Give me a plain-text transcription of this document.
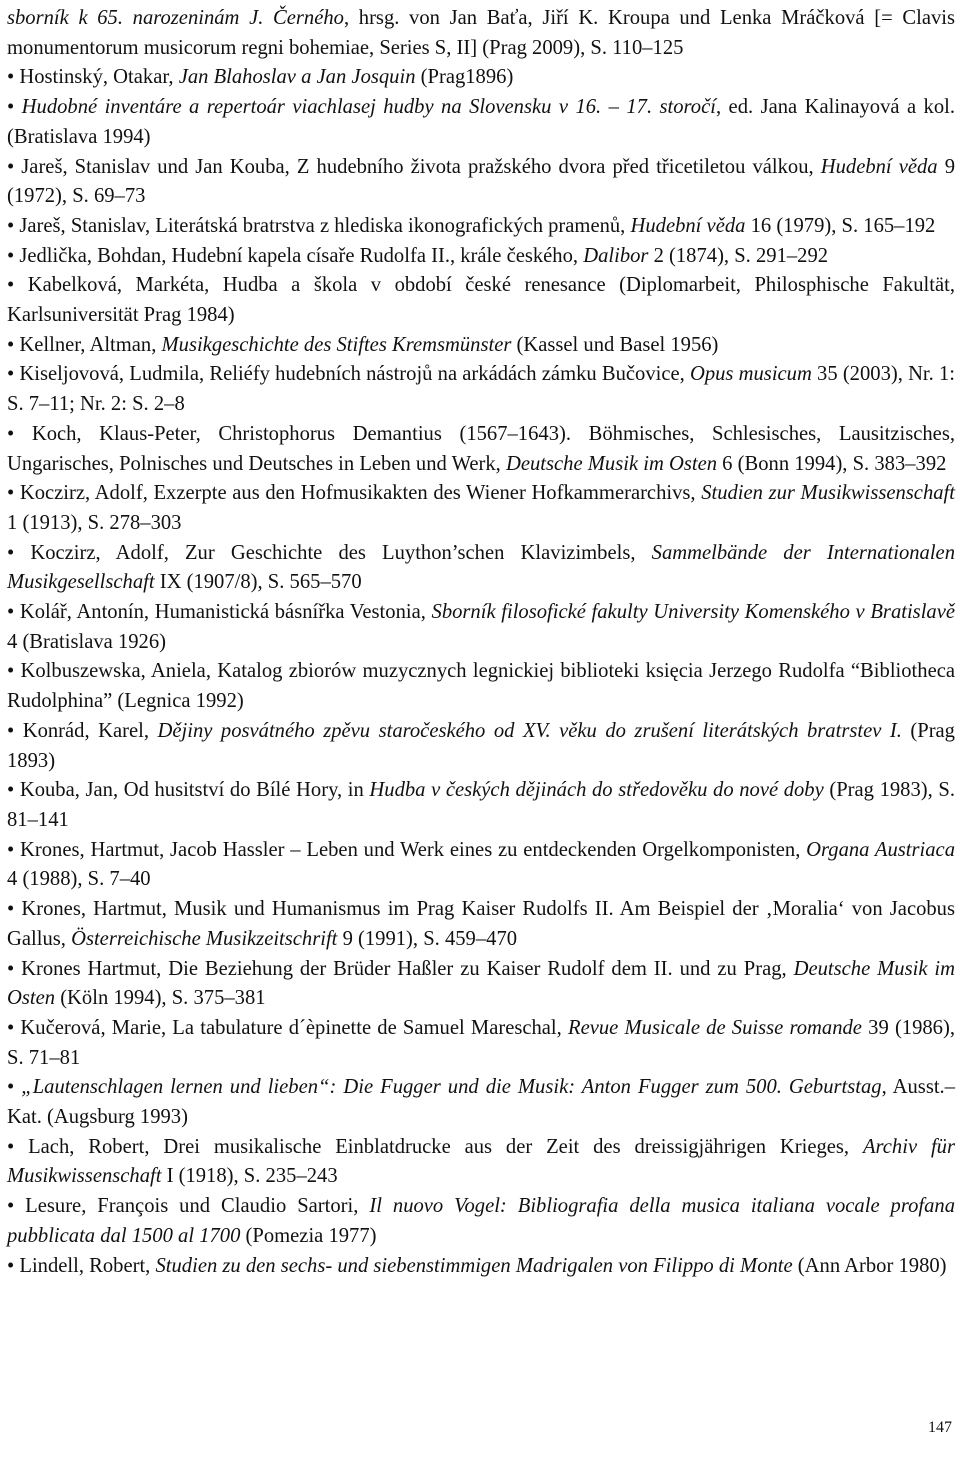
sborník k 65. narozeninám J. Černého, hrsg. von Jan Baťa, Jiří K. Kroupa und Lenka Mráčková [= Clavis monumentorum musicorum regni bohemiae, Series S, II] (Prag 2009), S. 110‒125

• Hostinský, Otakar, Jan Blahoslav a Jan Josquin (Prag1896)

• Hudobné inventáre a repertoár viachlasej hudby na Slovensku v 16. ‒ 17. storočí, ed. Jana Kalinayová a kol. (Bratislava 1994)

• Jareš, Stanislav und Jan Kouba, Z hudebního života pražského dvora před třicetiletou válkou, Hudební věda 9 (1972), S. 69‒73

• Jareš, Stanislav, Literátská bratrstva z hlediska ikonografických pramenů, Hudební věda 16 (1979), S. 165‒192

• Jedlička, Bohdan, Hudební kapela císaře Rudolfa II., krále českého, Dalibor 2 (1874), S. 291‒292

• Kabelková, Markéta, Hudba a škola v období české renesance (Diplomarbeit, Philosphische Fakultät, Karlsuniversität Prag 1984)

• Kellner, Altman, Musikgeschichte des Stiftes Kremsmünster (Kassel und Basel 1956)

• Kiseljovová, Ludmila, Reliéfy hudebních nástrojů na arkádách zámku Bučovice, Opus musicum 35 (2003), Nr. 1: S. 7‒11; Nr. 2: S. 2‒8

• Koch, Klaus-Peter, Christophorus Demantius (1567‒1643). Böhmisches, Schlesisches, Lausitzisches, Ungarisches, Polnisches und Deutsches in Leben und Werk, Deutsche Musik im Osten 6 (Bonn 1994), S. 383‒392

• Koczirz, Adolf, Exzerpte aus den Hofmusikakten des Wiener Hofkammerarchivs, Studien zur Musikwissenschaft 1 (1913), S. 278‒303

• Koczirz, Adolf, Zur Geschichte des Luython’schen Klavizimbels, Sammelbände der Internationalen Musikgesellschaft IX (1907/8), S. 565‒570

• Kolář, Antonín, Humanistická básnířka Vestonia, Sborník filosofické fakulty University Komenského v Bratislavě 4 (Bratislava 1926)

• Kolbuszewska, Aniela, Katalog zbiorów muzycznych legnickiej biblioteki księcia Jerzego Rudolfa “Bibliotheca Rudolphina” (Legnica 1992)

• Konrád, Karel, Dějiny posvátného zpěvu staročeského od XV. věku do zrušení literátských bratrstev I. (Prag 1893)

• Kouba, Jan, Od husitství do Bílé Hory, in Hudba v českých dějinách do středověku do nové doby (Prag 1983), S. 81‒141

• Krones, Hartmut, Jacob Hassler ‒ Leben und Werk eines zu entdeckenden Orgelkomponisten, Organa Austriaca 4 (1988), S. 7‒40

• Krones, Hartmut, Musik und Humanismus im Prag Kaiser Rudolfs II. Am Beispiel der ‚Moralia‘ von Jacobus Gallus, Österreichische Musikzeitschrift 9 (1991), S. 459‒470

• Krones Hartmut, Die Beziehung der Brüder Haßler zu Kaiser Rudolf dem II. und zu Prag, Deutsche Musik im Osten (Köln 1994), S. 375‒381

• Kučerová, Marie, La tabulature d´èpinette de Samuel Mareschal, Revue Musicale de Suisse romande 39 (1986), S. 71‒81

• „Lautenschlagen lernen und lieben“: Die Fugger und die Musik: Anton Fugger zum 500. Geburtstag, Ausst.‒Kat. (Augsburg 1993)

• Lach, Robert, Drei musikalische Einblatdrucke aus der Zeit des dreissigjährigen Krieges, Archiv für Musikwissenschaft I (1918), S. 235‒243

• Lesure, François und Claudio Sartori, Il nuovo Vogel: Bibliografia della musica italiana vocale profana pubblicata dal 1500 al 1700 (Pomezia 1977)

• Lindell, Robert, Studien zu den sechs- und siebenstimmigen Madrigalen von Filippo di Monte (Ann Arbor 1980)

147
